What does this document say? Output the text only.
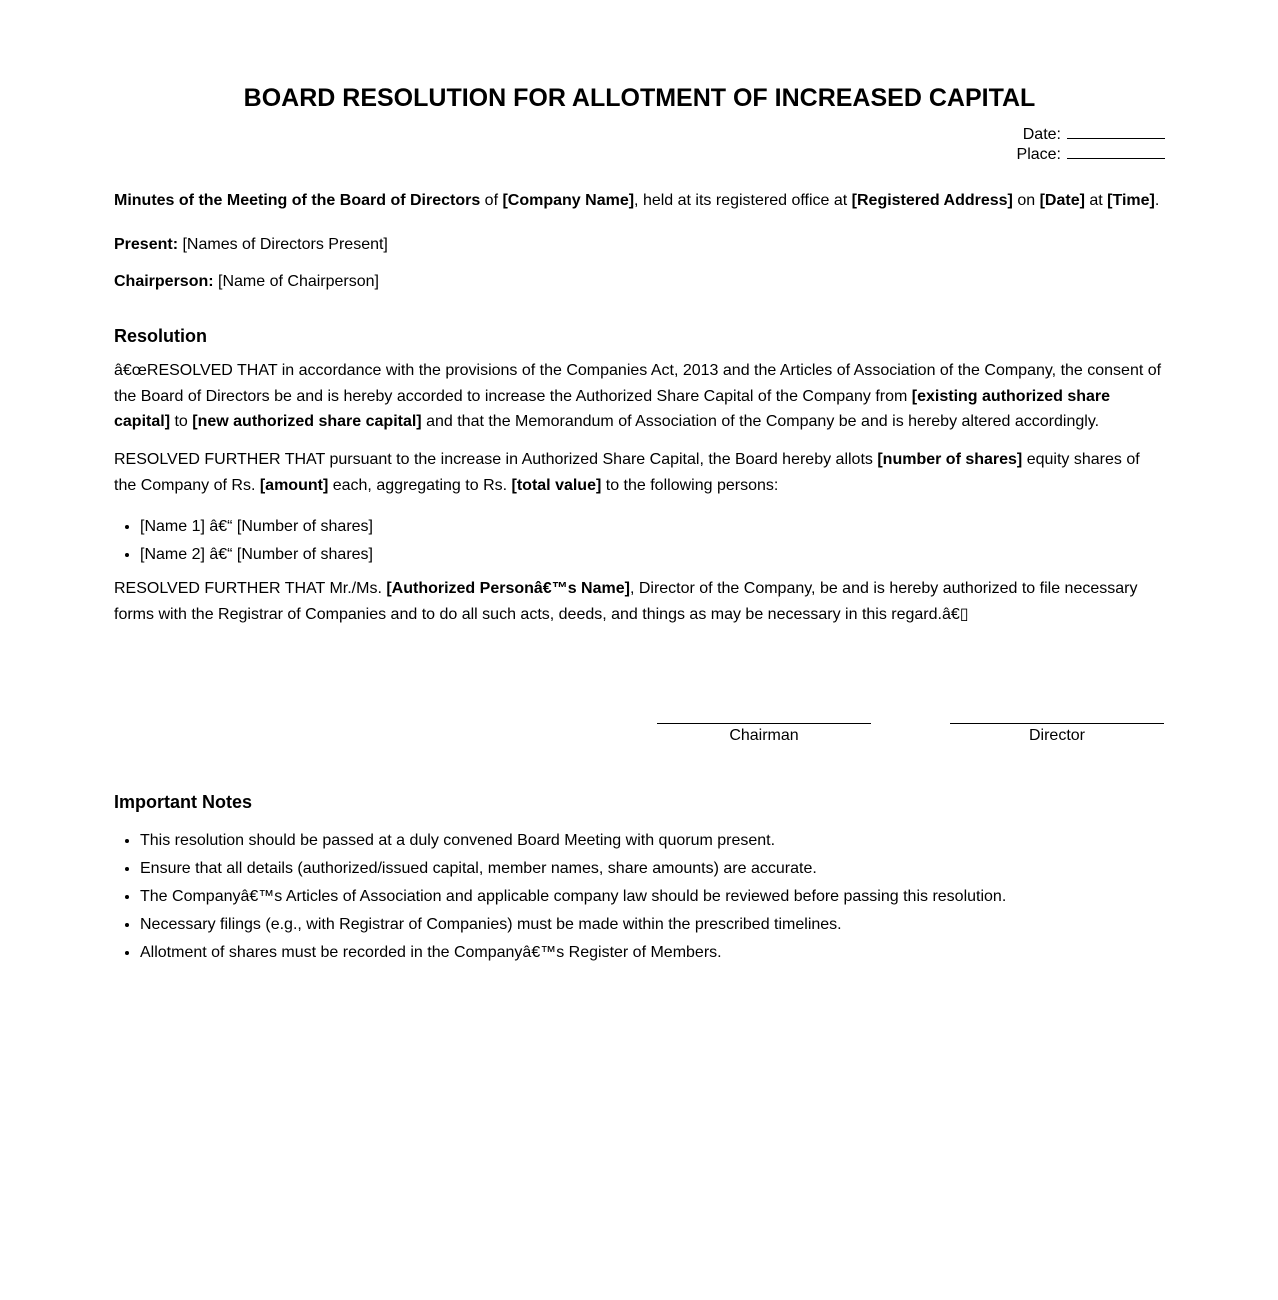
BOARD RESOLUTION FOR ALLOTMENT OF INCREASED CAPITAL
Date:
Place:

Minutes of the Meeting of the Board of Directors of [Company Name], held at its registered office at [Registered Address] on [Date] at [Time].

Present: [Names of Directors Present]

Chairperson: [Name of Chairperson]

Resolution

â€œRESOLVED THAT in accordance with the provisions of the Companies Act, 2013 and the Articles of Association of the Company, the consent of the Board of Directors be and is hereby accorded to increase the Authorized Share Capital of the Company from [existing authorized share capital] to [new authorized share capital] and that the Memorandum of Association of the Company be and is hereby altered accordingly.

RESOLVED FURTHER THAT pursuant to the increase in Authorized Share Capital, the Board hereby allots [number of shares] equity shares of the Company of Rs. [amount] each, aggregating to Rs. [total value] to the following persons:

• [Name 1] â€“ [Number of shares]
• [Name 2] â€“ [Number of shares]

RESOLVED FURTHER THAT Mr./Ms. [Authorized Personâ€™s Name], Director of the Company, be and is hereby authorized to file necessary forms with the Registrar of Companies and to do all such acts, deeds, and things as may be necessary in this regard.â€▯

Chairman	Director
Important Notes
• This resolution should be passed at a duly convened Board Meeting with quorum present.
• Ensure that all details (authorized/issued capital, member names, share amounts) are accurate.
• The Companyâ€™s Articles of Association and applicable company law should be reviewed before passing this resolution.
• Necessary filings (e.g., with Registrar of Companies) must be made within the prescribed timelines.
• Allotment of shares must be recorded in the Companyâ€™s Register of Members.
